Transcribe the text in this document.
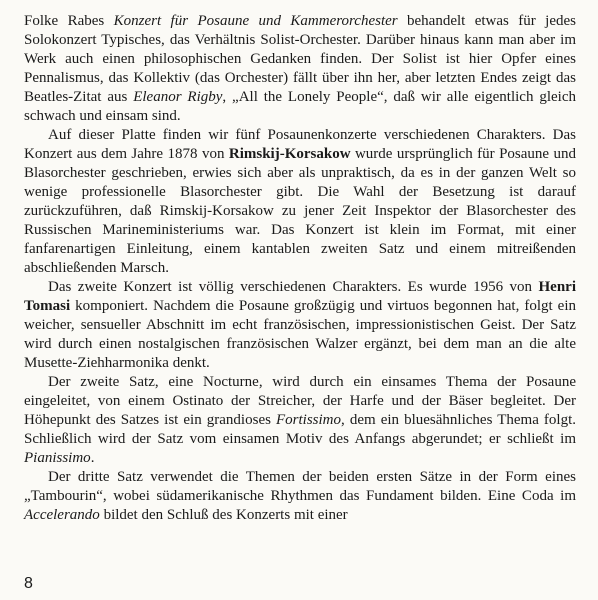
Folke Rabes Konzert für Posaune und Kammerorchester behandelt etwas für jedes Solokonzert Typisches, das Verhältnis Solist-Orchester. Darüber hinaus kann man aber im Werk auch einen philosophischen Gedanken finden. Der Solist ist hier Opfer eines Pennalismus, das Kollektiv (das Orchester) fällt über ihn her, aber letzten Endes zeigt das Beatles-Zitat aus Eleanor Rigby, „All the Lonely People“, daß wir alle eigentlich gleich schwach und einsam sind.

Auf dieser Platte finden wir fünf Posaunenkonzerte verschiedenen Charakters. Das Konzert aus dem Jahre 1878 von Rimskij-Korsakow wurde ursprünglich für Posaune und Blasorchester geschrieben, erwies sich aber als unpraktisch, da es in der ganzen Welt so wenige professionelle Blasorchester gibt. Die Wahl der Besetzung ist darauf zurückzuführen, daß Rimskij-Korsakow zu jener Zeit Inspektor der Blasorchester des Russischen Marineministeriums war. Das Konzert ist klein im Format, mit einer fanfarenartigen Einleitung, einem kantablen zweiten Satz und einem mitreißenden abschließenden Marsch.

Das zweite Konzert ist völlig verschiedenen Charakters. Es wurde 1956 von Henri Tomasi komponiert. Nachdem die Posaune großzügig und virtuos begonnen hat, folgt ein weicher, sensueller Abschnitt im echt französischen, impressionistischen Geist. Der Satz wird durch einen nostalgischen französischen Walzer ergänzt, bei dem man an die alte Musette-Ziehharmonika denkt.

Der zweite Satz, eine Nocturne, wird durch ein einsames Thema der Posaune eingeleitet, von einem Ostinato der Streicher, der Harfe und der Bäser begleitet. Der Höhepunkt des Satzes ist ein grandioses Fortissimo, dem ein bluesähnliches Thema folgt. Schließlich wird der Satz vom einsamen Motiv des Anfangs abgerundet; er schließt im Pianissimo.

Der dritte Satz verwendet die Themen der beiden ersten Sätze in der Form eines „Tambourin“, wobei südamerikanische Rhythmen das Fundament bilden. Eine Coda im Accelerando bildet den Schluß des Konzerts mit einer

8
